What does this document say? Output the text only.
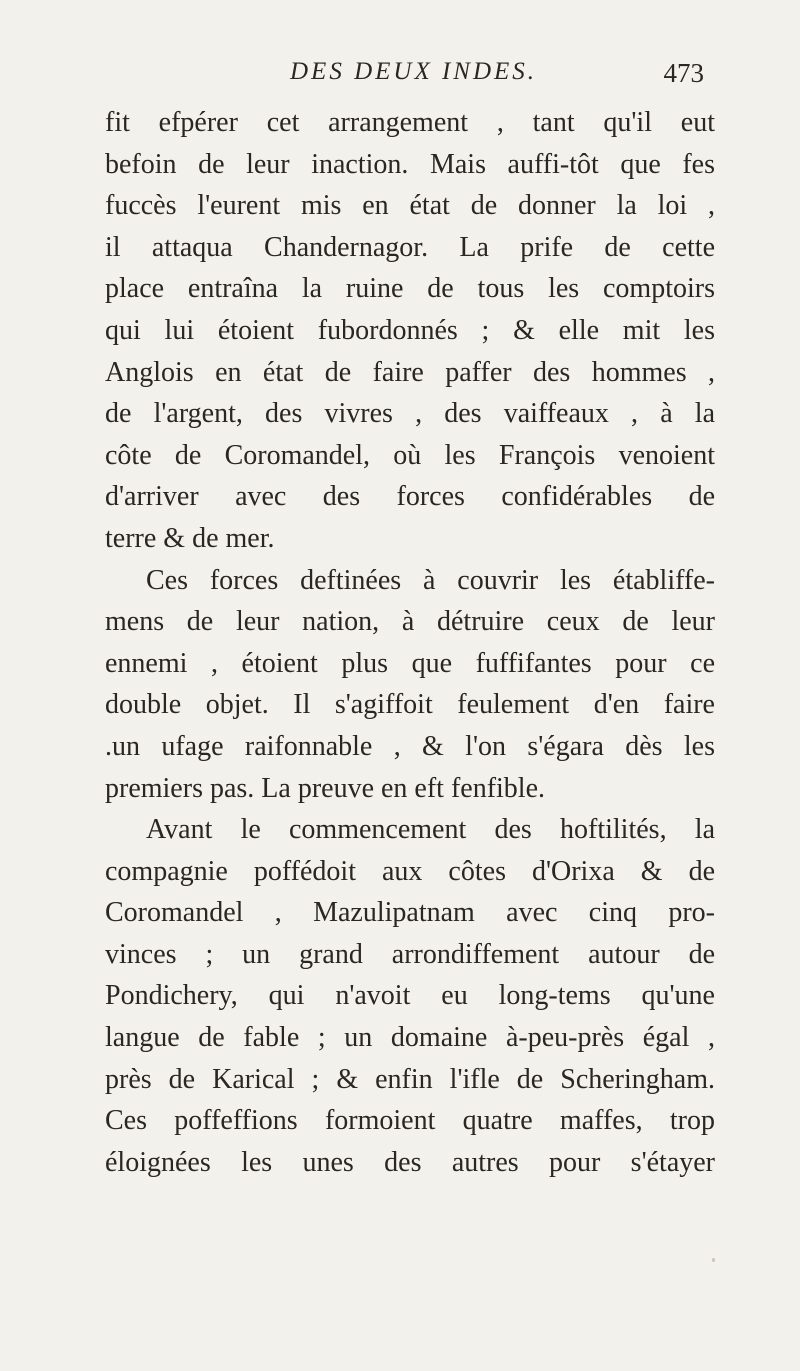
DES DEUX INDES.	473
fit efpérer cet arrangement , tant qu'il eut
befoin de leur inaction. Mais auffi-tôt que fes
fuccès l'eurent mis en état de donner la loi ,
il attaqua Chandernagor. La prife de cette
place entraîna la ruine de tous les comptoirs
qui lui étoient fubordonnés ; & elle mit les
Anglois en état de faire paffer des hommes ,
de l'argent, des vivres , des vaiffeaux , à la
côte de Coromandel, où les François venoient
d'arriver avec des forces confidérables de
terre & de mer.
Ces forces deftinées à couvrir les établiffe-
mens de leur nation, à détruire ceux de leur
ennemi , étoient plus que fuffifantes pour ce
double objet. Il s'agiffoit feulement d'en faire
.un ufage raifonnable , & l'on s'égara dès les
premiers pas. La preuve en eft fenfible.
Avant le commencement des hoftilités, la
compagnie poffédoit aux côtes d'Orixa & de
Coromandel , Mazulipatnam avec cinq pro-
vinces ; un grand arrondiffement autour de
Pondichery, qui n'avoit eu long-tems qu'une
langue de fable ; un domaine à-peu-près égal ,
près de Karical ; & enfin l'ifle de Scheringham.
Ces poffeffions formoient quatre maffes, trop
éloignées les unes des autres pour s'étayer
